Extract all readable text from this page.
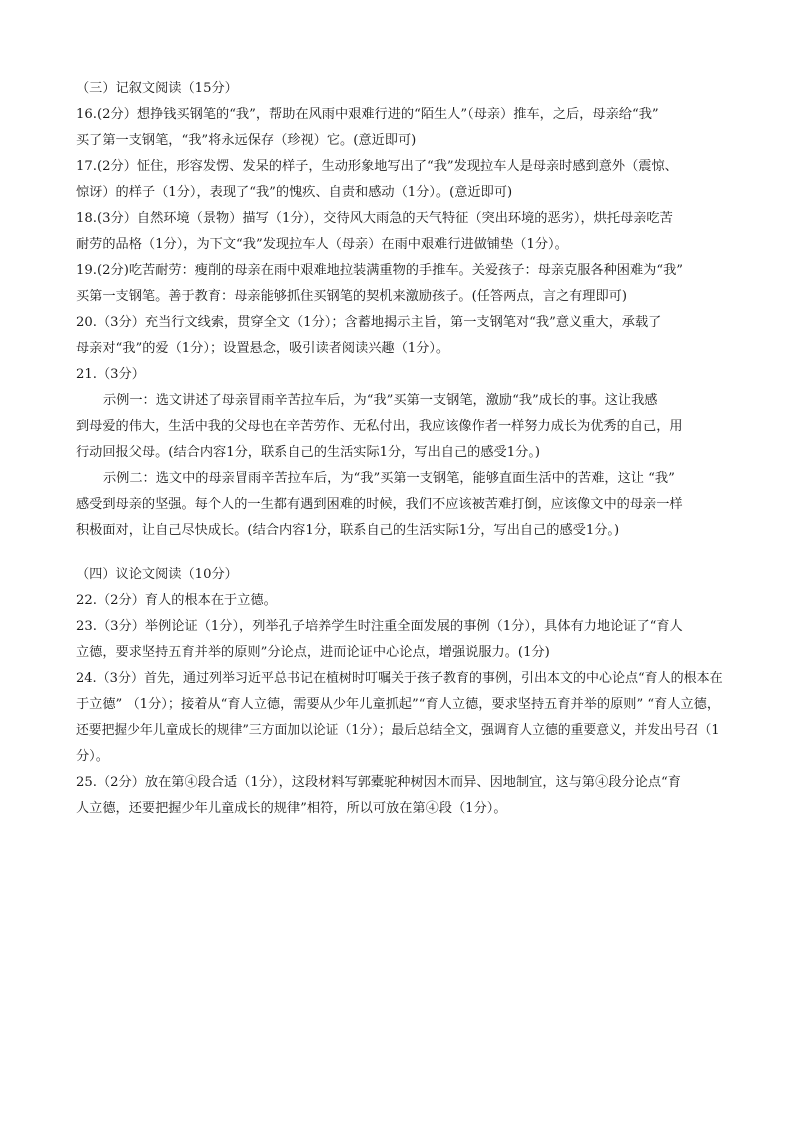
（三）记叙文阅读（15分）

16.(2分）想挣钱买钢笔的“我”，帮助在风雨中艰难行进的“陌生人”（母亲）推车，之后，母亲给“我”

买了第一支钢笔，“我”将永远保存（珍视）它。(意近即可)

17.(2分）怔住，形容发愣、发呆的样子，生动形象地写出了“我”发现拉车人是母亲时感到意外（震惊、

惊讶）的样子（1分），表现了“我”的愧疚、自责和感动（1分）。(意近即可)

18.(3分）自然环境（景物）描写（1分），交待风大雨急的天气特征（突出环境的恶劣），烘托母亲吃苦

耐劳的品格（1分），为下文“我”发现拉车人（母亲）在雨中艰难行进做铺垫（1分）。

19.(2分)吃苦耐劳：瘦削的母亲在雨中艰难地拉装满重物的手推车。关爱孩子：母亲克服各种困难为“我”

买第一支钢笔。善于教育：母亲能够抓住买钢笔的契机来激励孩子。(任答两点，言之有理即可)

20.（3分）充当行文线索，贯穿全文（1分）；含蓄地揭示主旨，第一支钢笔对“我”意义重大，承载了

母亲对“我”的爱（1分）；设置悬念，吸引读者阅读兴趣（1分）。

21.（3分）

示例一：选文讲述了母亲冒雨辛苦拉车后，为“我”买第一支钢笔，激励“我”成长的事。这让我感

到母爱的伟大，生活中我的父母也在辛苦劳作、无私付出，我应该像作者一样努力成长为优秀的自己，用

行动回报父母。(结合内容1分，联系自己的生活实际1分，写出自己的感受1分。)

示例二：选文中的母亲冒雨辛苦拉车后，为“我”买第一支钢笔，能够直面生活中的苦难，这让 “我”

感受到母亲的坚强。每个人的一生都有遇到困难的时候，我们不应该被苦难打倒，应该像文中的母亲一样

积极面对，让自己尽快成长。(结合内容1分，联系自己的生活实际1分，写出自己的感受1分。)

（四）议论文阅读（10分）

22.（2分）育人的根本在于立德。

23.（3分）举例论证（1分），列举孔子培养学生时注重全面发展的事例（1分），具体有力地论证了“育人

立德，要求坚持五育并举的原则”分论点，进而论证中心论点，增强说服力。(1分)

24.（3分）首先，通过列举习近平总书记在植树时叮嘱关于孩子教育的事例，引出本文的中心论点“育人的根本在

于立德” （1分）；接着从“育人立德，需要从少年儿童抓起”“育人立德，要求坚持五育并举的原则” “育人立德，

还要把握少年儿童成长的规律”三方面加以论证（1分）；最后总结全文，强调育人立德的重要意义，并发出号召（1

分）。

25.（2分）放在第④段合适（1分），这段材料写郭橐驼种树因木而异、因地制宜，这与第④段分论点“育

人立德，还要把握少年儿童成长的规律”相符，所以可放在第④段（1分）。
